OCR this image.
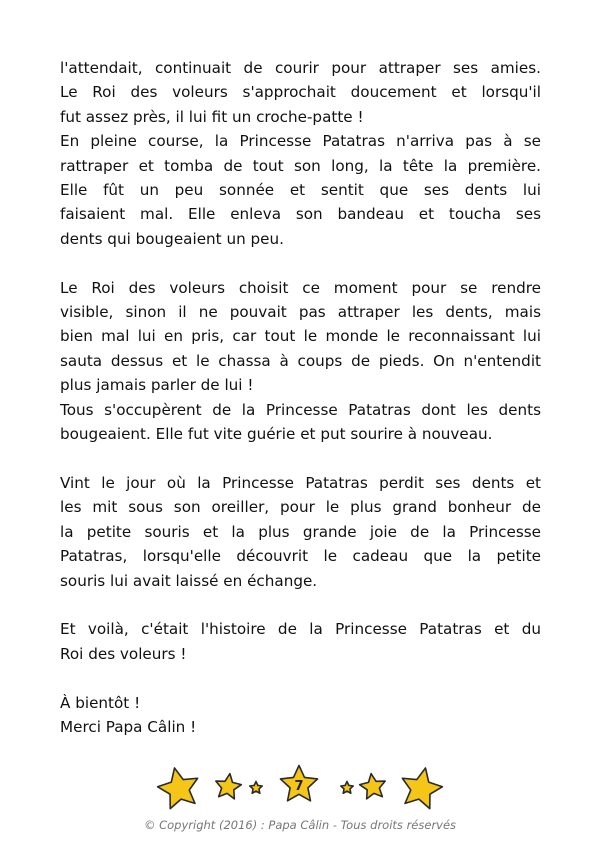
l'attendait, continuait de courir pour attraper ses amies.
Le Roi des voleurs s'approchait doucement et lorsqu'il
fut assez près, il lui fit un croche-patte !

En pleine course, la Princesse Patatras n'arriva pas à se
rattraper et tomba de tout son long, la tête la première.
Elle fût un peu sonnée et sentit que ses dents lui
faisaient mal. Elle enleva son bandeau et toucha ses
dents qui bougeaient un peu.

Le Roi des voleurs choisit ce moment pour se rendre
visible, sinon il ne pouvait pas attraper les dents, mais
bien mal lui en pris, car tout le monde le reconnaissant lui
sauta dessus et le chassa à coups de pieds. On n'entendit
plus jamais parler de lui !

Tous s'occupèrent de la Princesse Patatras dont les dents
bougeaient. Elle fut vite guérie et put sourire à nouveau.

Vint le jour où la Princesse Patatras perdit ses dents et
les mit sous son oreiller, pour le plus grand bonheur de
la petite souris et la plus grande joie de la Princesse
Patatras, lorsqu'elle découvrit le cadeau que la petite
souris lui avait laissé en échange.

Et voilà, c'était l'histoire de la Princesse Patatras et du
Roi des voleurs !

À bientôt !
Merci Papa Câlin !

7
© Copyright (2016) : Papa Câlin - Tous droits réservés
